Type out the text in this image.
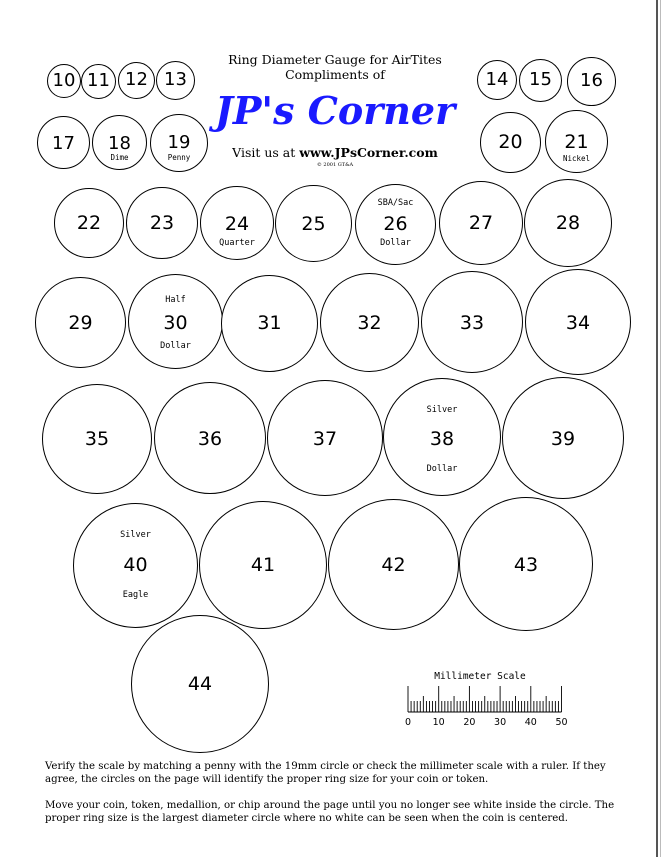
Ring Diameter Gauge for AirTites
Compliments of
JP's Corner
Visit us at www.JPsCorner.com
© 2001 GT&A
10 11 12 13	14	15	16
17	18
Dime
19
Penny
20	21
Nickel
22	23	24
Quarter
25
SBA/Sac
26
Dollar
27	28
29
Half
30
Dollar
31	32	33	34
35	36	37
Silver
38
Dollar
39
Silver
40
Eagle
41	42	43
44	Millimeter Scale
0	10	20	30	40	50
Verify the scale by matching a penny with the 19mm circle or check the millimeter scale with a ruler. If they agree, the circles on the page will identify the proper ring size for your coin or token.
Move your coin, token, medallion, or chip around the page until you no longer see white inside the circle. The proper ring size is the largest diameter circle where no white can be seen when the coin is centered.
